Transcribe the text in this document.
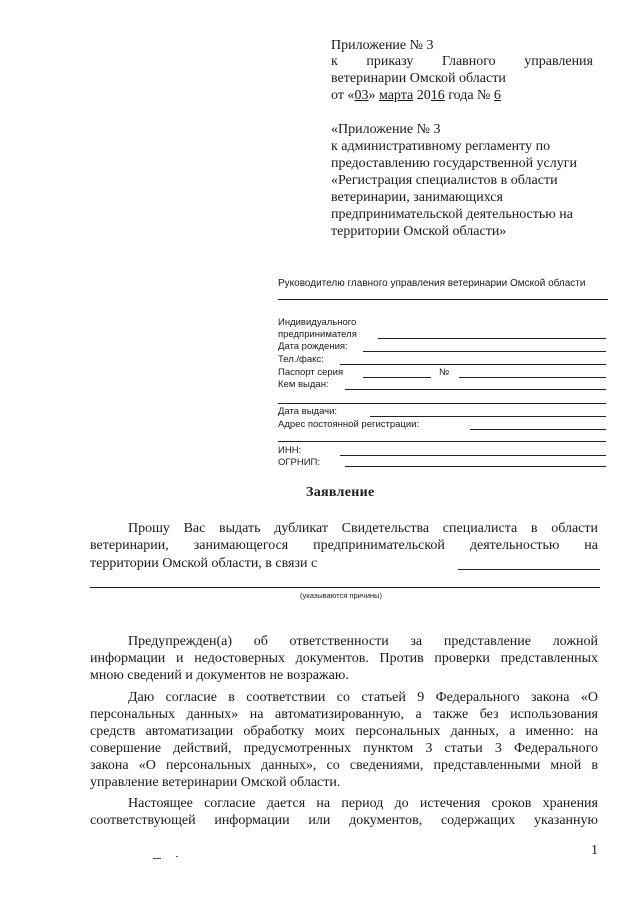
Приложение № 3
к приказу Главного управления
ветеринарии Омской области
от «03» марта 2016 года № 6
«Приложение № 3
к административному регламенту по
предоставлению государственной услуги
«Регистрация специалистов в области
ветеринарии, занимающихся
предпринимательской деятельностью на
территории Омской области»
Руководителю главного управления ветеринарии Омской области
Индивидуального
предпринимателя
Дата рождения:
Тел./факс:
Паспорт серия	№
Кем выдан:
Дата выдачи:
Адрес постоянной регистрации:
ИНН:
ОГРНИП:
Заявление
Прошу Вас выдать дубликат Свидетельства специалиста в области
ветеринарии, занимающегося предпринимательской деятельностью на
территории Омской области, в связи с
(указываются причины)
Предупрежден(а) об ответственности за представление ложной
информации и недостоверных документов. Против проверки представленных
мною сведений и документов не возражаю.
Даю согласие в соответствии со статьей 9 Федерального закона «О
персональных данных» на автоматизированную, а также без использования
средств автоматизации обработку моих персональных данных, а именно: на
совершение действий, предусмотренных пунктом 3 статьи 3 Федерального
закона «О персональных данных», со сведениями, представленными мной в
управление ветеринарии Омской области.
Настоящее согласие дается на период до истечения сроков хранения
соответствующей информации или документов, содержащих указанную
1
